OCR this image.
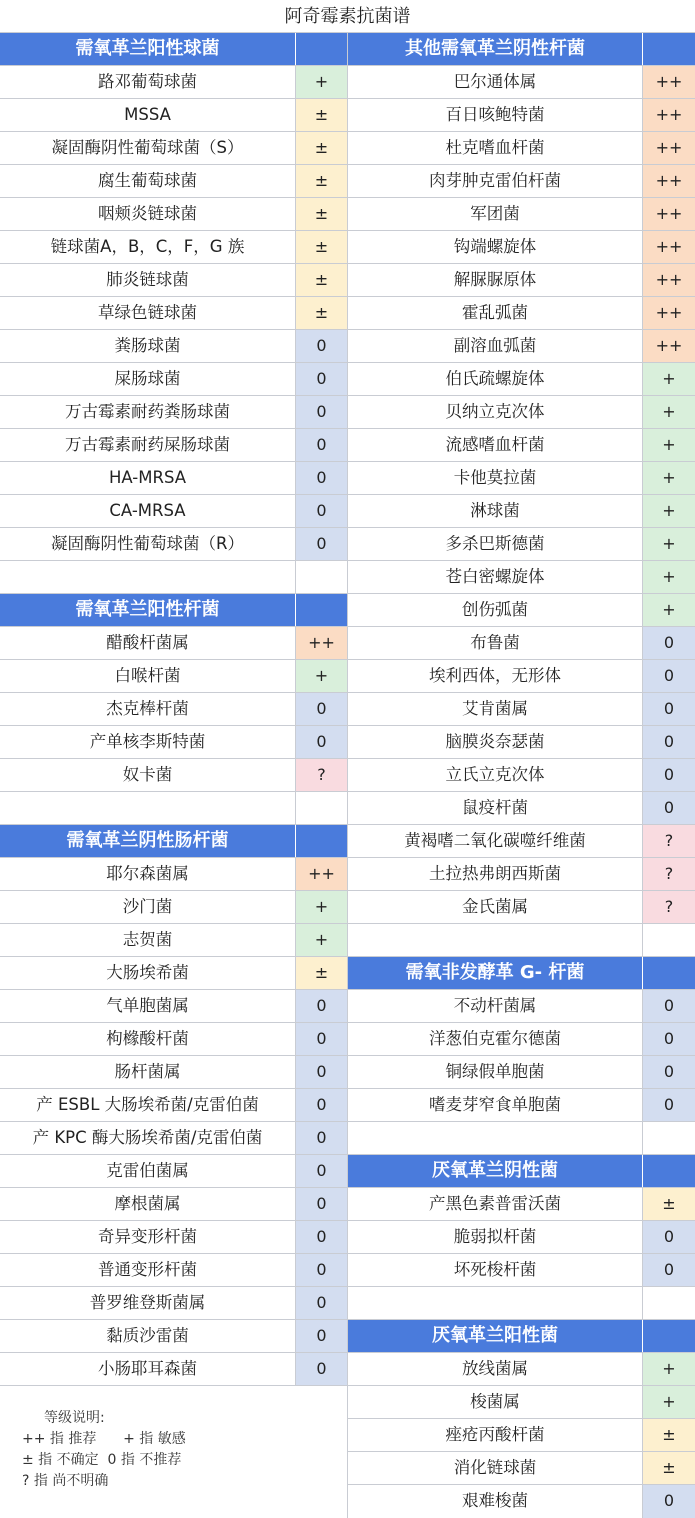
阿奇霉素抗菌谱
需氧革兰阳性球菌
路邓葡萄球菌	+
MSSA	±
凝固酶阴性葡萄球菌（S）	±
腐生葡萄球菌	±
咽颊炎链球菌	±
链球菌A，B，C，F，G 族	±
肺炎链球菌	±
草绿色链球菌	±
粪肠球菌	0
屎肠球菌	0
万古霉素耐药粪肠球菌	0
万古霉素耐药屎肠球菌	0
HA-MRSA	0
CA-MRSA	0
凝固酶阴性葡萄球菌（R）	0
需氧革兰阳性杆菌
醋酸杆菌属	++
白喉杆菌	+
杰克棒杆菌	0
产单核李斯特菌	0
奴卡菌	?
需氧革兰阴性肠杆菌
耶尔森菌属	++
沙门菌	+
志贺菌	+
大肠埃希菌	±
气单胞菌属	0
枸橼酸杆菌	0
肠杆菌属	0
产 ESBL 大肠埃希菌/克雷伯菌	0
产 KPC 酶大肠埃希菌/克雷伯菌	0
克雷伯菌属	0
摩根菌属	0
奇异变形杆菌	0
普通变形杆菌	0
普罗维登斯菌属	0
黏质沙雷菌	0
小肠耶耳森菌	0
等级说明:
++ 指 推荐 + 指 敏感
± 指 不确定 0 指 不推荐
? 指 尚不明确
其他需氧革兰阴性杆菌
巴尔通体属	++
百日咳鲍特菌	++
杜克嗜血杆菌	++
肉芽肿克雷伯杆菌	++
军团菌	++
钩端螺旋体	++
解脲脲原体	++
霍乱弧菌	++
副溶血弧菌	++
伯氏疏螺旋体	+
贝纳立克次体	+
流感嗜血杆菌	+
卡他莫拉菌	+
淋球菌	+
多杀巴斯德菌	+
苍白密螺旋体	+
创伤弧菌	+
布鲁菌	0
埃利西体，无形体	0
艾肯菌属	0
脑膜炎奈瑟菌	0
立氏立克次体	0
鼠疫杆菌	0
黄褐嗜二氧化碳噬纤维菌	?
土拉热弗朗西斯菌	?
金氏菌属	?
需氧非发酵革 G- 杆菌
不动杆菌属	0
洋葱伯克霍尔德菌	0
铜绿假单胞菌	0
嗜麦芽窄食单胞菌	0
厌氧革兰阴性菌
产黑色素普雷沃菌	±
脆弱拟杆菌	0
坏死梭杆菌	0
厌氧革兰阳性菌
放线菌属	+
梭菌属	+
痤疮丙酸杆菌	±
消化链球菌	±
艰难梭菌	0
